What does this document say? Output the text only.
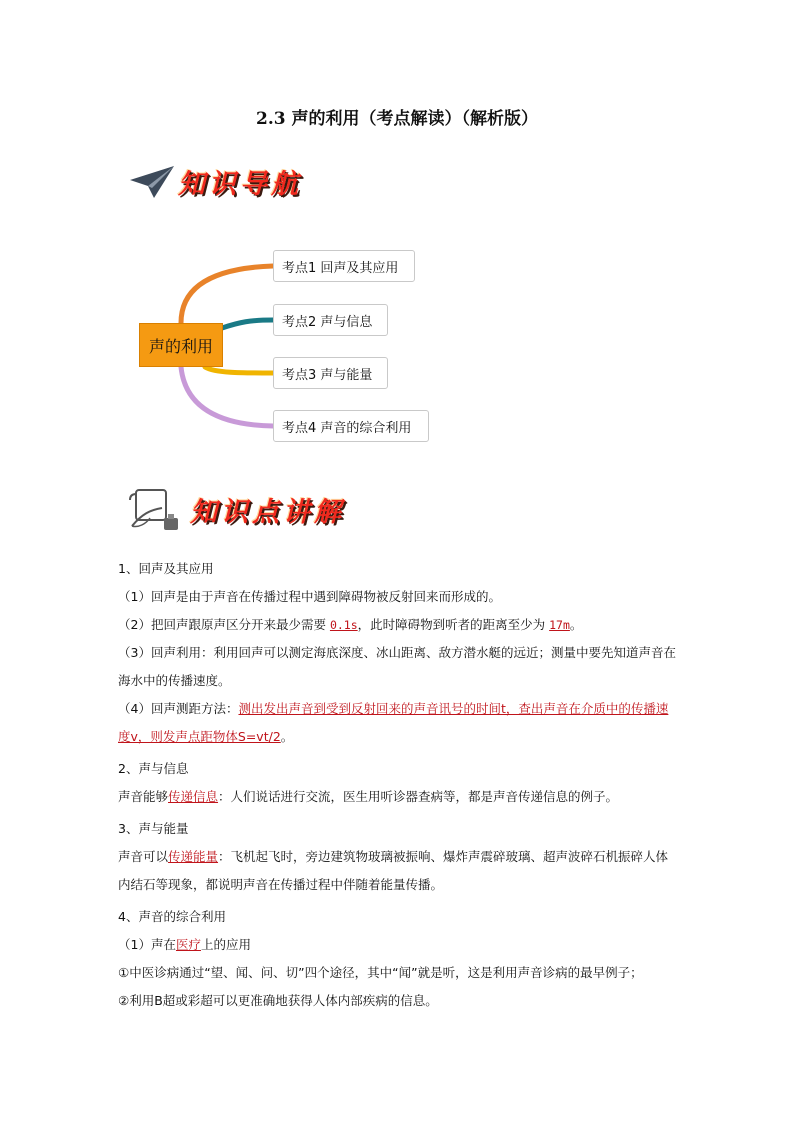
2.3 声的利用（考点解读）（解析版）
知识导航
声的利用
考点1 回声及其应用
考点2 声与信息
考点3 声与能量
考点4 声音的综合利用
知识点讲解

1、回声及其应用

（1）回声是由于声音在传播过程中遇到障碍物被反射回来而形成的。

（2）把回声跟原声区分开来最少需要 0.1s，此时障碍物到听者的距离至少为 17m。

（3）回声利用：利用回声可以测定海底深度、冰山距离、敌方潜水艇的远近；测量中要先知道声音在海水中的传播速度。

（4）回声测距方法：测出发出声音到受到反射回来的声音讯号的时间t，查出声音在介质中的传播速度v，则发声点距物体S=vt/2。

2、声与信息

声音能够传递信息：人们说话进行交流，医生用听诊器查病等，都是声音传递信息的例子。

3、声与能量

声音可以传递能量：飞机起飞时，旁边建筑物玻璃被振响、爆炸声震碎玻璃、超声波碎石机振碎人体内结石等现象，都说明声音在传播过程中伴随着能量传播。

4、声音的综合利用

（1）声在医疗上的应用

①中医诊病通过“望、闻、问、切”四个途径，其中“闻”就是听，这是利用声音诊病的最早例子；

②利用B超或彩超可以更准确地获得人体内部疾病的信息。
